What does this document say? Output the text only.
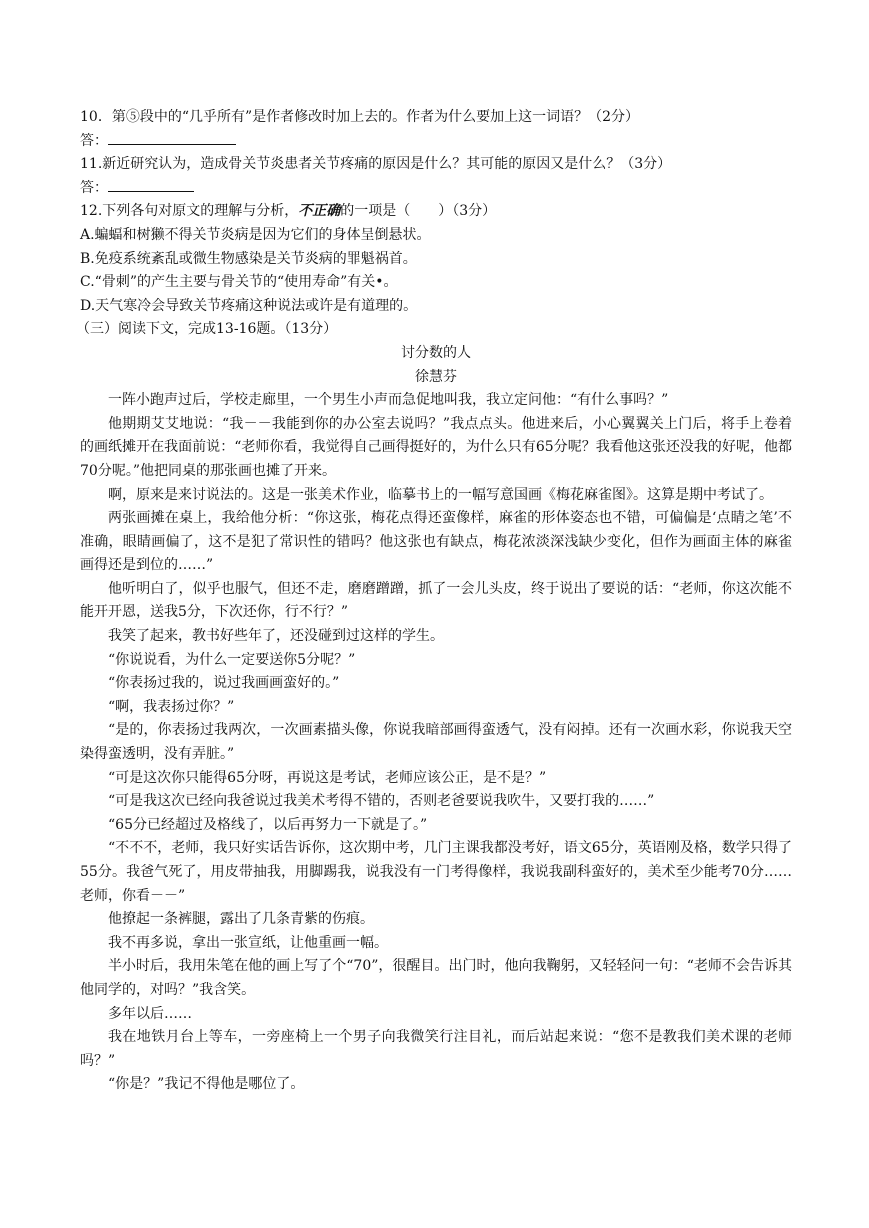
10．第⑤段中的“几乎所有”是作者修改时加上去的。作者为什么要加上这一词语？（2分）
答：
11.新近研究认为，造成骨关节炎患者关节疼痛的原因是什么？其可能的原因又是什么？（3分）
答：
12.下列各句对原文的理解与分析，不正确的一项是（　　）（3分）
A.蝙蝠和树獭不得关节炎病是因为它们的身体呈倒悬状。
B.免疫系统紊乱或微生物感染是关节炎病的罪魁祸首。
C.“骨刺”的产生主要与骨关节的“使用寿命”有关•。
D.天气寒冷会导致关节疼痛这种说法或许是有道理的。
（三）阅读下文，完成13-16题。（13分）
讨分数的人
徐慧芬
一阵小跑声过后，学校走廊里，一个男生小声而急促地叫我，我立定问他：“有什么事吗？”
他期期艾艾地说：“我－－我能到你的办公室去说吗？”我点点头。他进来后，小心翼翼关上门后，将手上卷着的画纸摊开在我面前说：“老师你看，我觉得自己画得挺好的，为什么只有65分呢？我看他这张还没我的好呢，他都70分呢。”他把同桌的那张画也摊了开来。
啊，原来是来讨说法的。这是一张美术作业，临摹书上的一幅写意国画《梅花麻雀图》。这算是期中考试了。
两张画摊在桌上，我给他分析：“你这张，梅花点得还蛮像样，麻雀的形体姿态也不错，可偏偏是‘点睛之笔’不准确，眼睛画偏了，这不是犯了常识性的错吗？他这张也有缺点，梅花浓淡深浅缺少变化，但作为画面主体的麻雀画得还是到位的……”
他听明白了，似乎也服气，但还不走，磨磨蹭蹭，抓了一会儿头皮，终于说出了要说的话：“老师，你这次能不能开开恩，送我5分，下次还你，行不行？”
我笑了起来，教书好些年了，还没碰到过这样的学生。
“你说说看，为什么一定要送你5分呢？”
“你表扬过我的，说过我画画蛮好的。”
“啊，我表扬过你？”
“是的，你表扬过我两次，一次画素描头像，你说我暗部画得蛮透气，没有闷掉。还有一次画水彩，你说我天空染得蛮透明，没有弄脏。”
“可是这次你只能得65分呀，再说这是考试，老师应该公正，是不是？”
“可是我这次已经向我爸说过我美术考得不错的，否则老爸要说我吹牛，又要打我的……”
“65分已经超过及格线了，以后再努力一下就是了。”
“不不不，老师，我只好实话告诉你，这次期中考，几门主课我都没考好，语文65分，英语刚及格，数学只得了55分。我爸气死了，用皮带抽我，用脚踢我，说我没有一门考得像样，我说我副科蛮好的，美术至少能考70分……老师，你看－－”
他撩起一条裤腿，露出了几条青紫的伤痕。
我不再多说，拿出一张宣纸，让他重画一幅。
半小时后，我用朱笔在他的画上写了个“70”，很醒目。出门时，他向我鞠躬，又轻轻问一句：“老师不会告诉其他同学的，对吗？”我含笑。
多年以后……
我在地铁月台上等车，一旁座椅上一个男子向我微笑行注目礼，而后站起来说：“您不是教我们美术课的老师吗？”
“你是？”我记不得他是哪位了。
